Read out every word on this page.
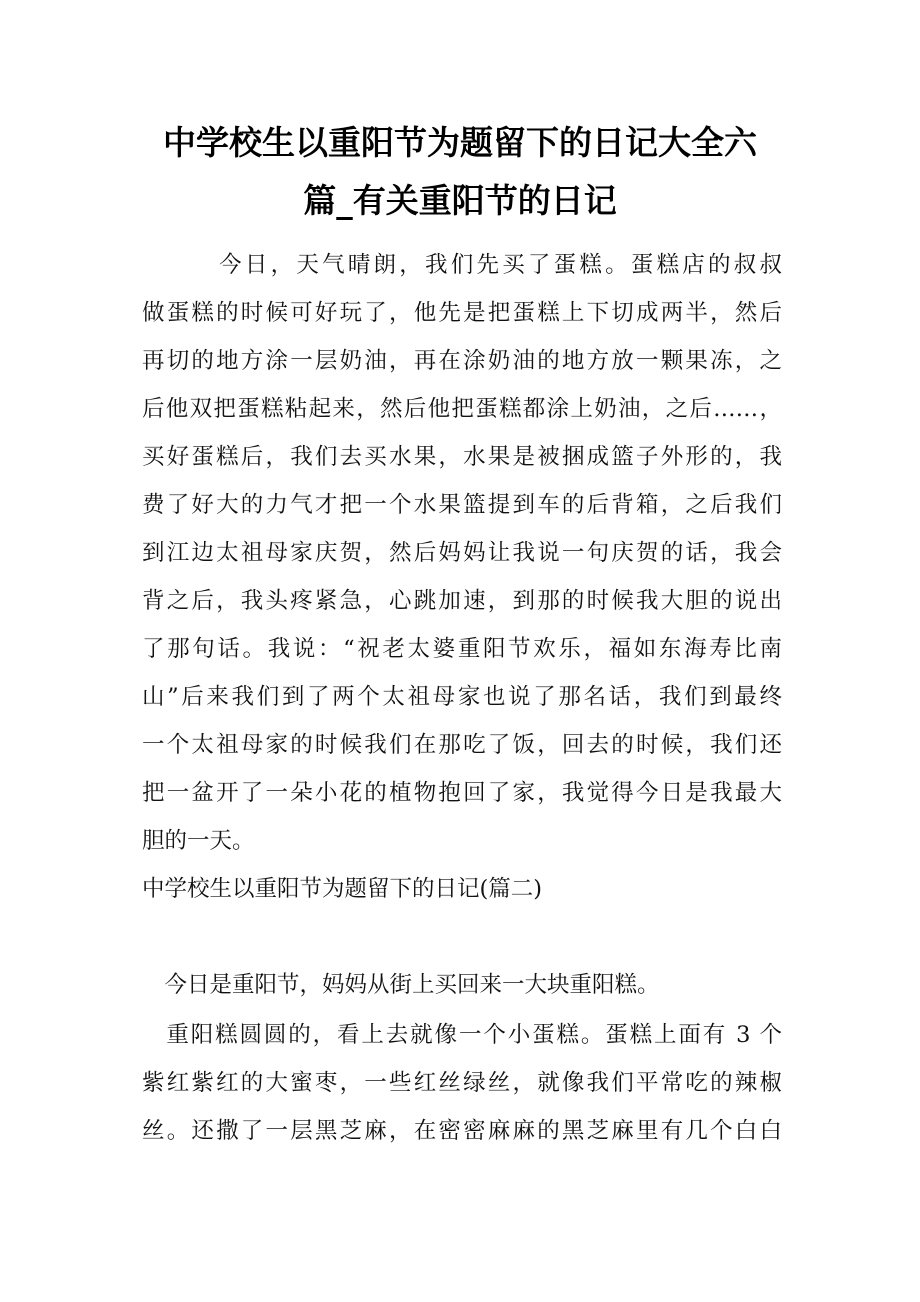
中学校生以重阳节为题留下的日记大全六
篇_有关重阳节的日记
　　　今日，天气晴朗，我们先买了蛋糕。蛋糕店的叔叔
做蛋糕的时候可好玩了，他先是把蛋糕上下切成两半，然后
再切的地方涂一层奶油，再在涂奶油的地方放一颗果冻，之
后他双把蛋糕粘起来，然后他把蛋糕都涂上奶油，之后……，
买好蛋糕后，我们去买水果，水果是被捆成篮子外形的，我
费了好大的力气才把一个水果篮提到车的后背箱，之后我们
到江边太祖母家庆贺，然后妈妈让我说一句庆贺的话，我会
背之后，我头疼紧急，心跳加速，到那的时候我大胆的说出
了那句话。我说：“祝老太婆重阳节欢乐，福如东海寿比南
山”后来我们到了两个太祖母家也说了那名话，我们到最终
一个太祖母家的时候我们在那吃了饭，回去的时候，我们还
把一盆开了一朵小花的植物抱回了家，我觉得今日是我最大
胆的一天。
中学校生以重阳节为题留下的日记(篇二)
　今日是重阳节，妈妈从街上买回来一大块重阳糕。
　重阳糕圆圆的，看上去就像一个小蛋糕。蛋糕上面有 3 个
紫红紫红的大蜜枣，一些红丝绿丝，就像我们平常吃的辣椒
丝。还撒了一层黑芝麻，在密密麻麻的黑芝麻里有几个白白
